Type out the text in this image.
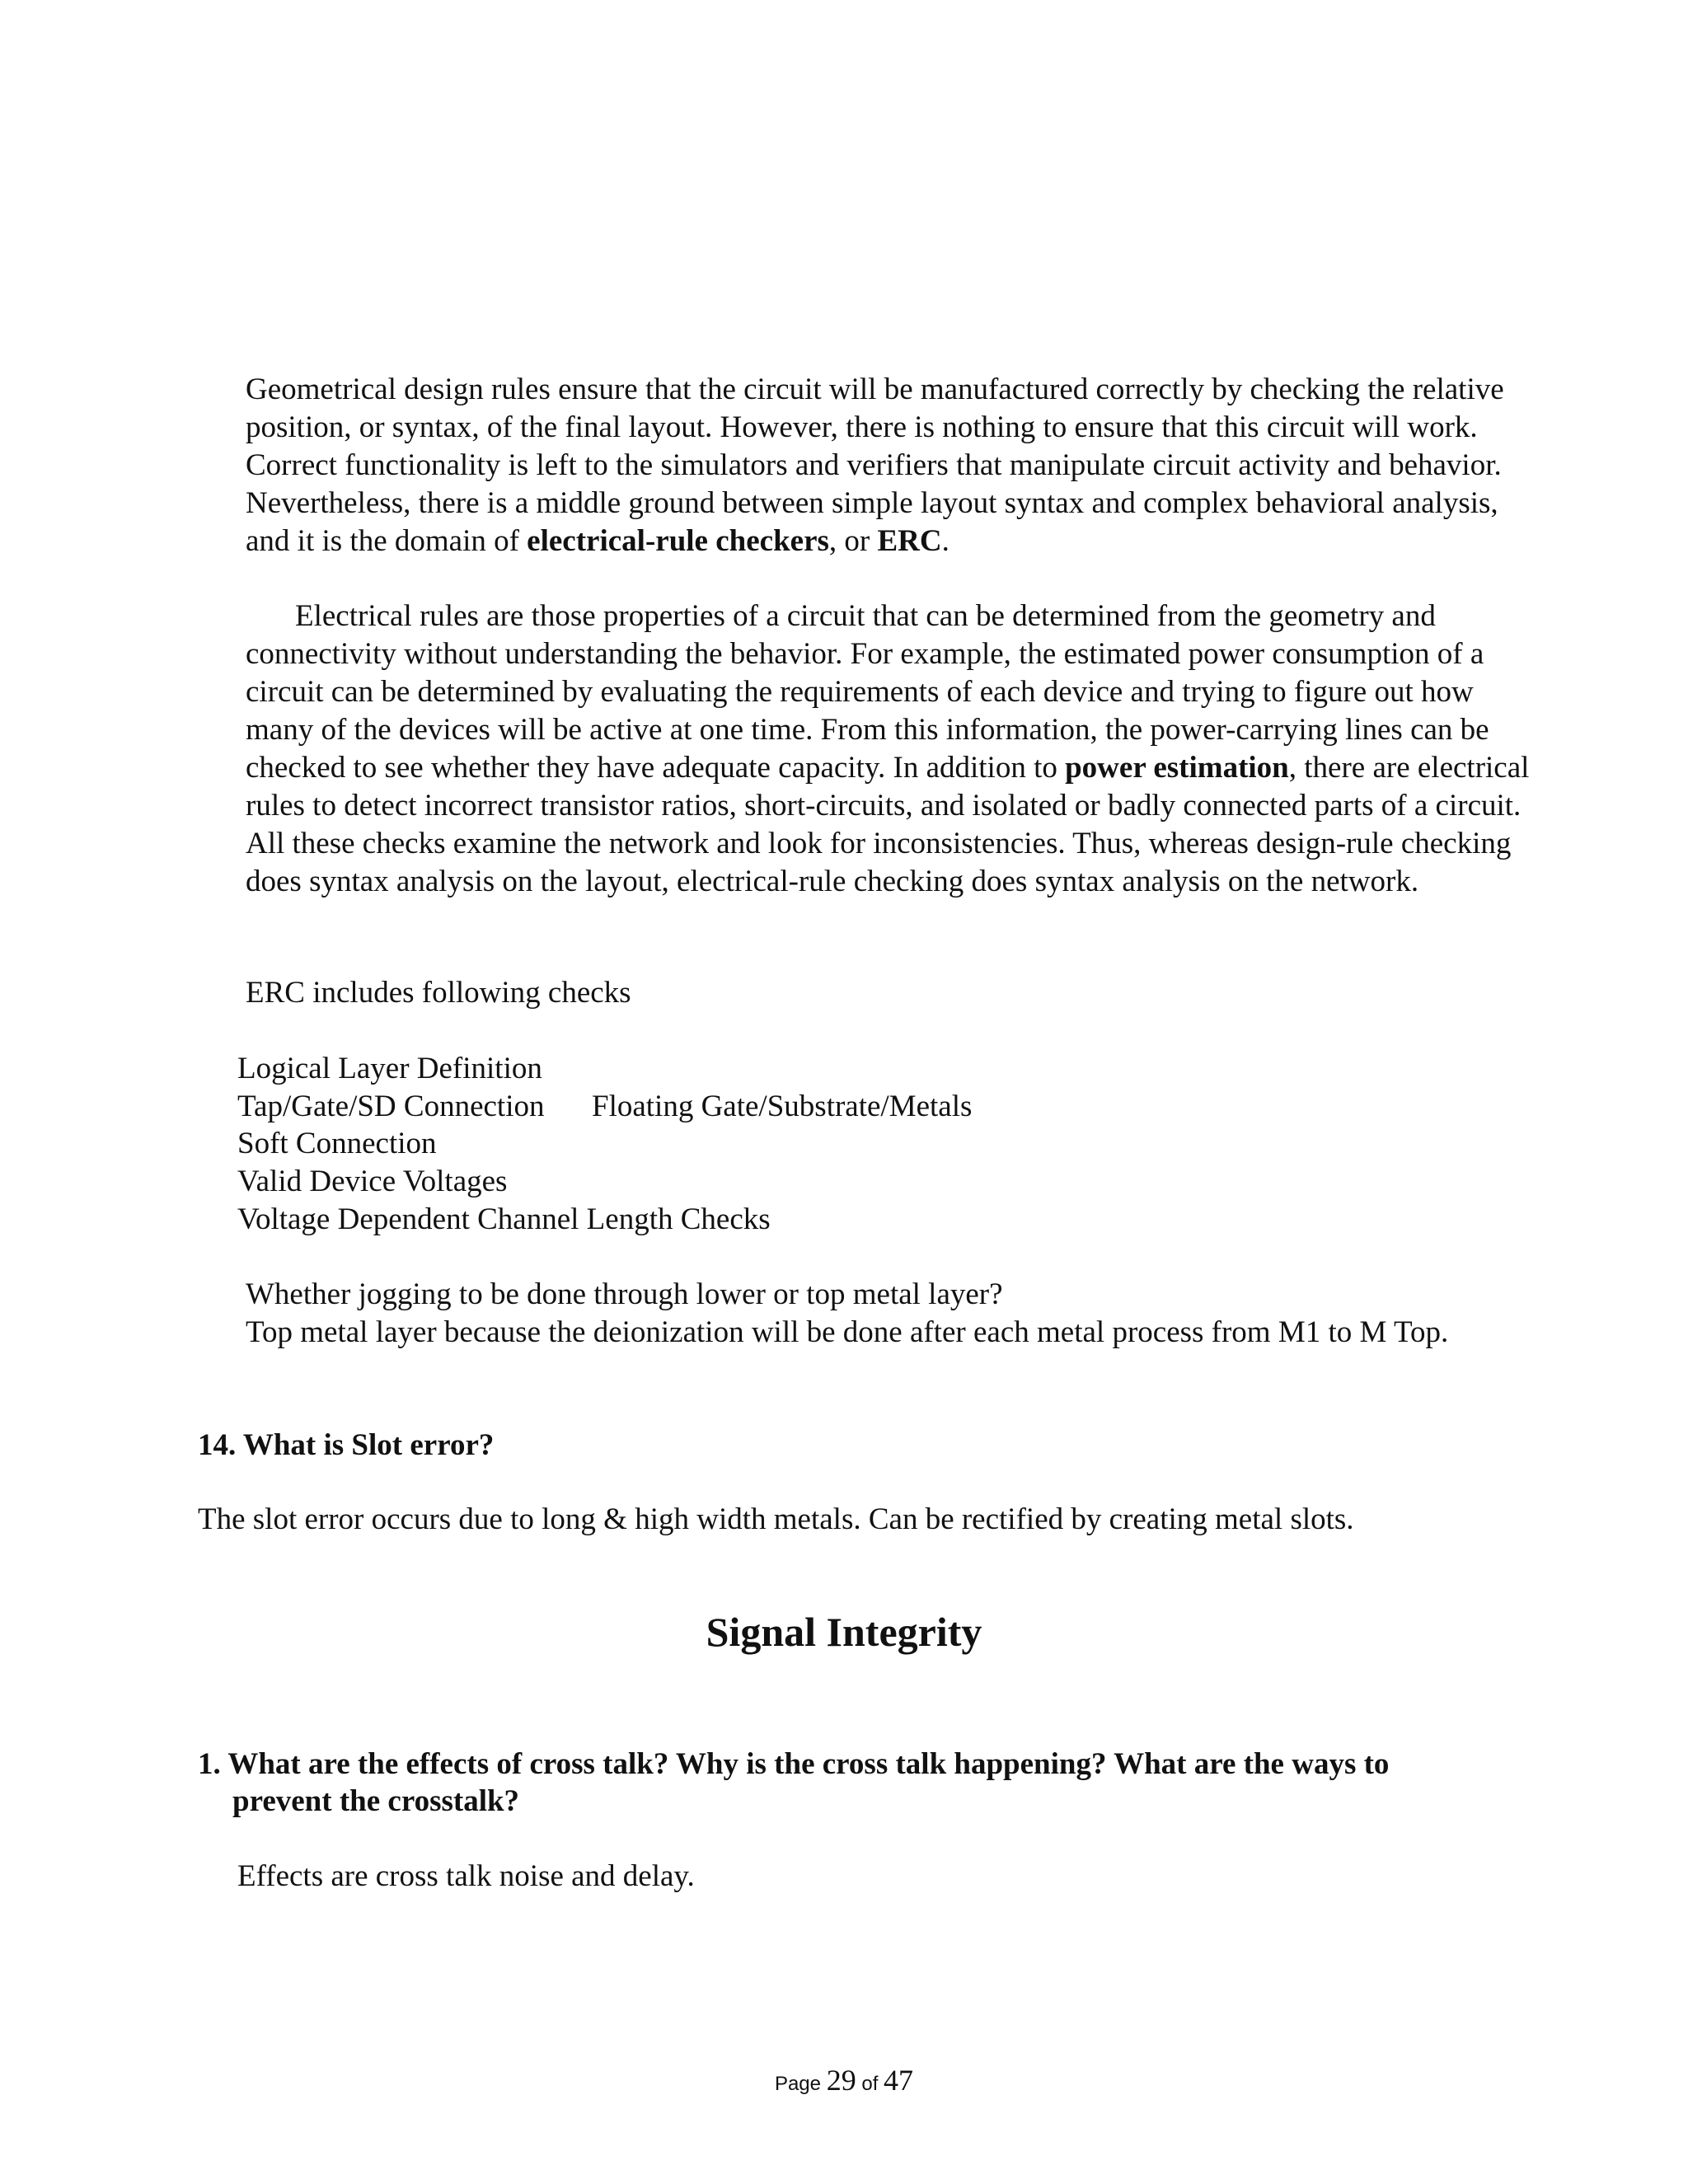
Geometrical design rules ensure that the circuit will be manufactured correctly by checking the relative position, or syntax, of the final layout. However, there is nothing to ensure that this circuit will work. Correct functionality is left to the simulators and verifiers that manipulate circuit activity and behavior. Nevertheless, there is a middle ground between simple layout syntax and complex behavioral analysis, and it is the domain of electrical-rule checkers, or ERC.

Electrical rules are those properties of a circuit that can be determined from the geometry and connectivity without understanding the behavior. For example, the estimated power consumption of a circuit can be determined by evaluating the requirements of each device and trying to figure out how many of the devices will be active at one time. From this information, the power-carrying lines can be checked to see whether they have adequate capacity. In addition to power estimation, there are electrical rules to detect incorrect transistor ratios, short-circuits, and isolated or badly connected parts of a circuit. All these checks examine the network and look for inconsistencies. Thus, whereas design-rule checking does syntax analysis on the layout, electrical-rule checking does syntax analysis on the network.

ERC includes following checks

Logical Layer Definition

Tap/Gate/SD Connection Floating Gate/Substrate/Metals

Soft Connection

Valid Device Voltages

Voltage Dependent Channel Length Checks

Whether jogging to be done through lower or top metal layer?

Top metal layer because the deionization will be done after each metal process from M1 to M Top.

14. What is Slot error?

The slot error occurs due to long & high width metals. Can be rectified by creating metal slots.

Signal Integrity

1. What are the effects of cross talk? Why is the cross talk happening? What are the ways to

prevent the crosstalk?

Effects are cross talk noise and delay.

Page 29 of 47
